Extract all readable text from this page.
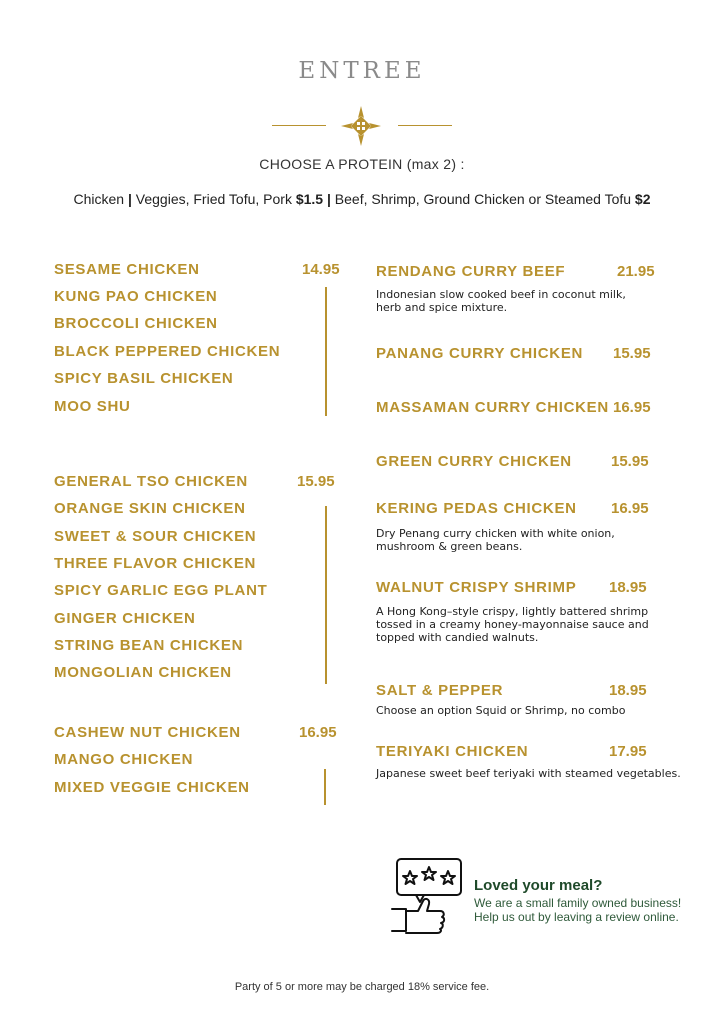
ENTREE
CHOOSE A PROTEIN (max 2) :
Chicken | Veggies, Fried Tofu, Pork $1.5 | Beef, Shrimp, Ground Chicken or Steamed Tofu $2
14.95
SESAME CHICKEN
KUNG PAO CHICKEN
BROCCOLI CHICKEN
BLACK PEPPERED CHICKEN
SPICY BASIL CHICKEN
MOO SHU
15.95
GENERAL TSO CHICKEN
ORANGE SKIN CHICKEN
SWEET & SOUR CHICKEN
THREE FLAVOR CHICKEN
SPICY GARLIC EGG PLANT
GINGER CHICKEN
STRING BEAN CHICKEN
MONGOLIAN CHICKEN
16.95
CASHEW NUT CHICKEN
MANGO CHICKEN
MIXED VEGGIE CHICKEN
RENDANG CURRY BEEF	21.95
Indonesian slow cooked beef in coconut milk,
herb and spice mixture.
PANANG CURRY CHICKEN 15.95
MASSAMAN CURRY CHICKEN 16.95
GREEN CURRY CHICKEN	15.95
KERING PEDAS CHICKEN 16.95
Dry Penang curry chicken with white onion,
mushroom & green beans.
WALNUT CRISPY SHRIMP 18.95
A Hong Kong–style crispy, lightly battered shrimp
tossed in a creamy honey-mayonnaise sauce and
topped with candied walnuts.
SALT & PEPPER	18.95
Choose an option Squid or Shrimp, no combo
TERIYAKI CHICKEN	17.95
Japanese sweet beef teriyaki with steamed vegetables.
Loved your meal?
We are a small family owned business!
Help us out by leaving a review online.
Party of 5 or more may be charged 18% service fee.
